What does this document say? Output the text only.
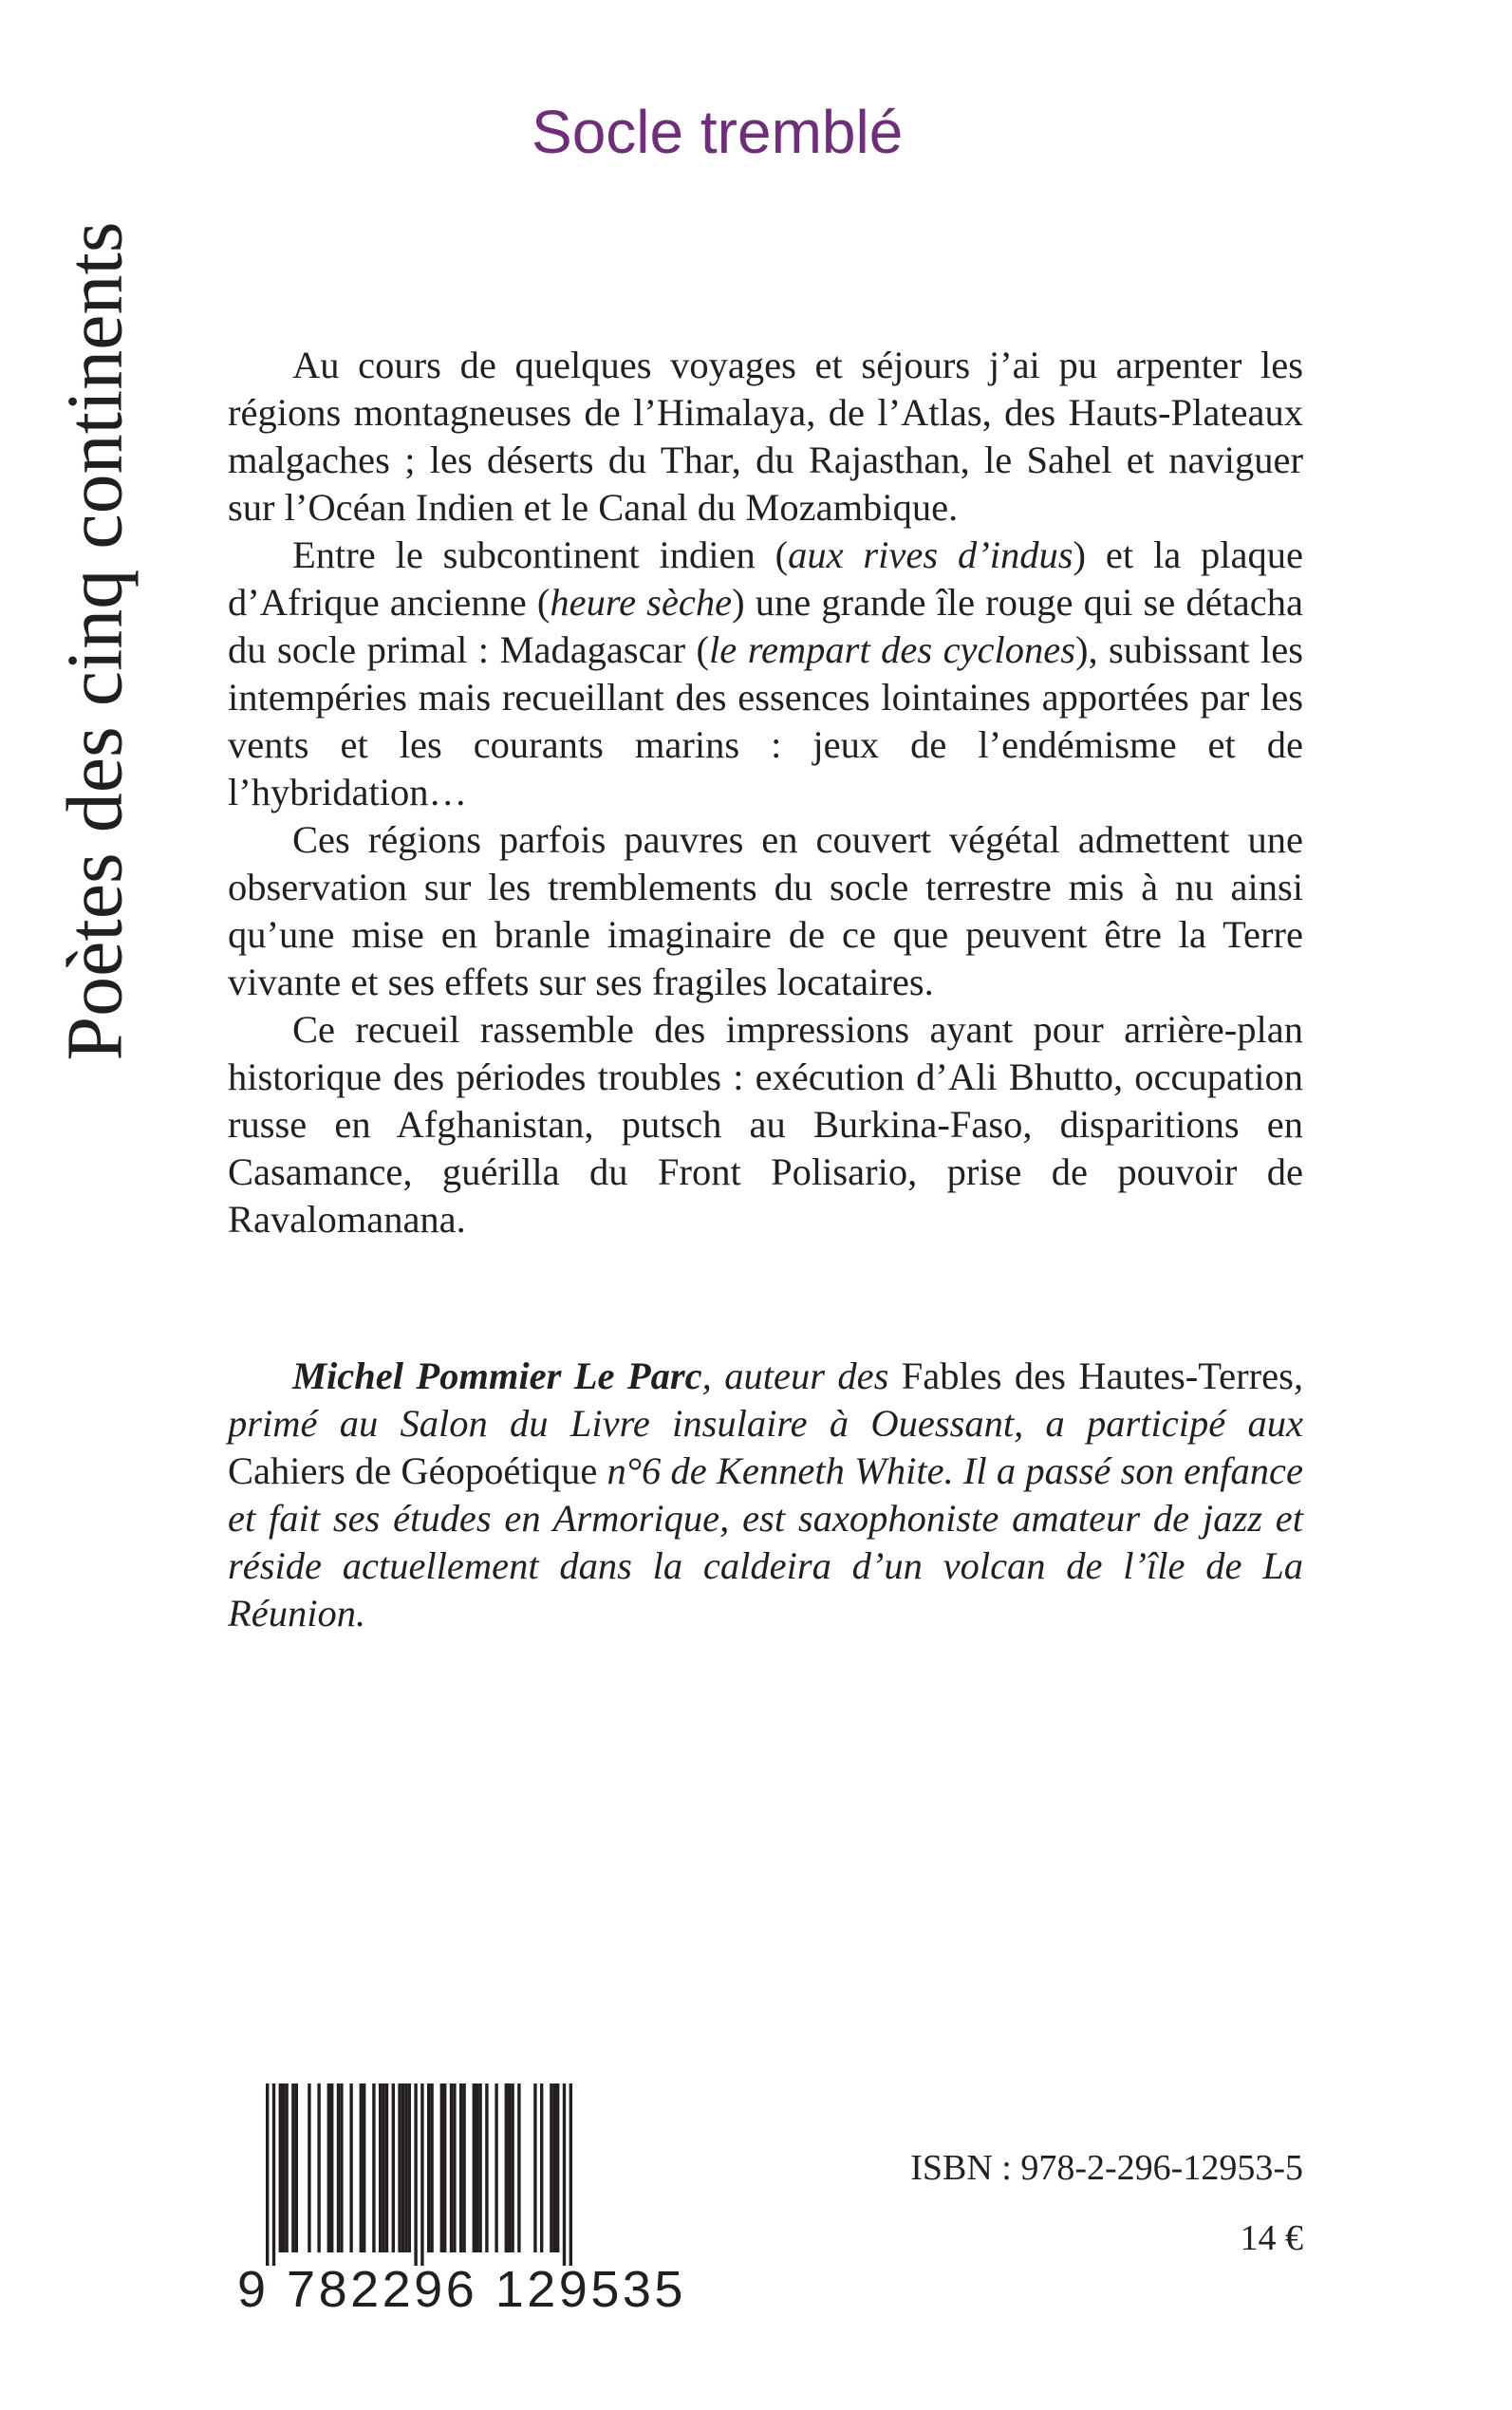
Poètes des cinq continents
Socle tremblé

Au cours de quelques voyages et séjours j’ai pu arpenter les régions montagneuses de l’Himalaya, de l’Atlas, des Hauts-Plateaux malgaches ; les déserts du Thar, du Rajasthan, le Sahel et naviguer sur l’Océan Indien et le Canal du Mozambique.

Entre le subcontinent indien (aux rives d’indus) et la plaque d’Afrique ancienne (heure sèche) une grande île rouge qui se détacha du socle primal : Madagascar (le rempart des cyclones), subissant les intempéries mais recueillant des essences lointaines apportées par les vents et les courants marins : jeux de l’endémisme et de l’hybridation…

Ces régions parfois pauvres en couvert végétal admettent une observation sur les tremblements du socle terrestre mis à nu ainsi qu’une mise en branle imaginaire de ce que peuvent être la Terre vivante et ses effets sur ses fragiles locataires.

Ce recueil rassemble des impressions ayant pour arrière-plan historique des périodes troubles : exécution d’Ali Bhutto, occupation russe en Afghanistan, putsch au Burkina-Faso, disparitions en Casamance, guérilla du Front Polisario, prise de pouvoir de Ravalomanana.

Michel Pommier Le Parc, auteur des Fables des Hautes-Terres, primé au Salon du Livre insulaire à Ouessant, a participé aux Cahiers de Géopoétique n°6 de Kenneth White. Il a passé son enfance et fait ses études en Armorique, est saxophoniste amateur de jazz et réside actuellement dans la caldeira d’un volcan de l’île de La Réunion.
9 782296 129535
ISBN : 978-2-296-12953-5
14 €
